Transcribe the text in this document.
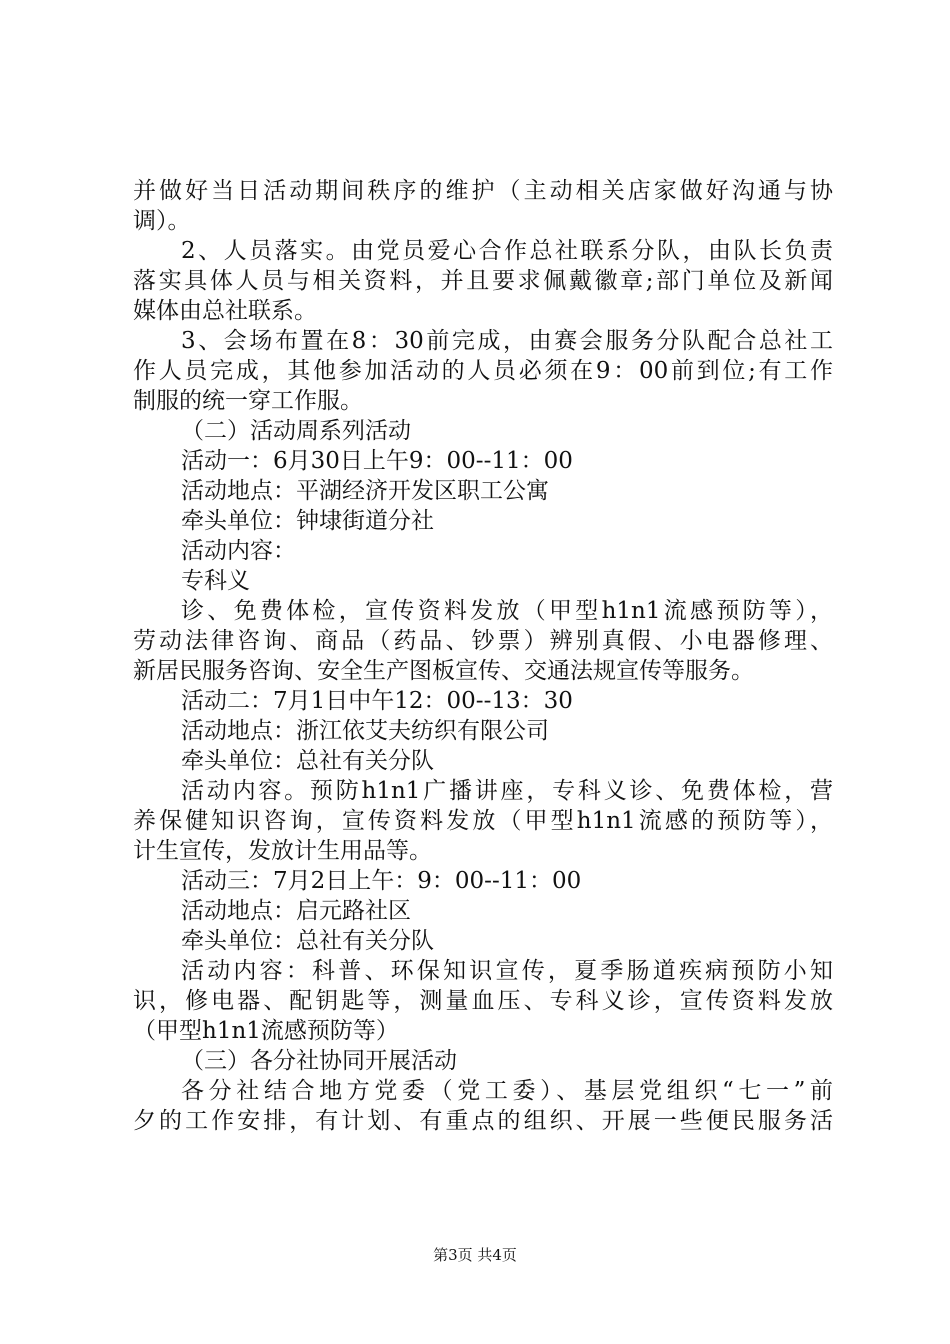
并做好当日活动期间秩序的维护（主动相关店家做好沟通与协
调）。
2、人员落实。由党员爱心合作总社联系分队，由队长负责
落实具体人员与相关资料，并且要求佩戴徽章;部门单位及新闻
媒体由总社联系。
3、会场布置在8：30前完成，由赛会服务分队配合总社工
作人员完成，其他参加活动的人员必须在9：00前到位;有工作
制服的统一穿工作服。
（二）活动周系列活动
活动一：6月30日上午9：00--11：00
活动地点：平湖经济开发区职工公寓
牵头单位：钟埭街道分社
活动内容：
专科义
诊、免费体检，宣传资料发放（甲型h1n1流感预防等），
劳动法律咨询、商品（药品、钞票）辨别真假、小电器修理、
新居民服务咨询、安全生产图板宣传、交通法规宣传等服务。
活动二：7月1日中午12：00--13：30
活动地点：浙江依艾夫纺织有限公司
牵头单位：总社有关分队
活动内容。预防h1n1广播讲座，专科义诊、免费体检，营
养保健知识咨询，宣传资料发放（甲型h1n1流感的预防等），
计生宣传，发放计生用品等。
活动三：7月2日上午：9：00--11：00
活动地点：启元路社区
牵头单位：总社有关分队
活动内容：科普、环保知识宣传，夏季肠道疾病预防小知
识，修电器、配钥匙等，测量血压、专科义诊，宣传资料发放
（甲型h1n1流感预防等）
（三）各分社协同开展活动
各分社结合地方党委（党工委）、基层党组织“七一”前
夕的工作安排，有计划、有重点的组织、开展一些便民服务活
第3页 共4页
